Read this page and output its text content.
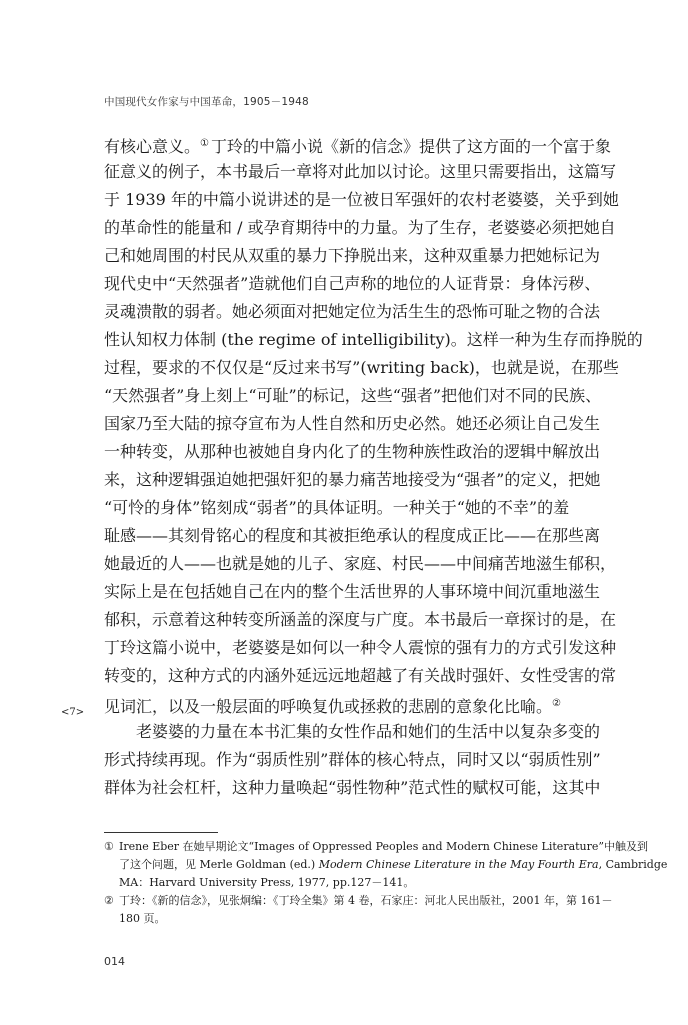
中国现代女作家与中国革命，1905－1948
有核心意义。① 丁玲的中篇小说《新的信念》提供了这方面的一个富于象
征意义的例子，本书最后一章将对此加以讨论。这里只需要指出，这篇写
于 1939 年的中篇小说讲述的是一位被日军强奸的农村老婆婆，关乎到她
的革命性的能量和 / 或孕育期待中的力量。为了生存，老婆婆必须把她自
己和她周围的村民从双重的暴力下挣脱出来，这种双重暴力把她标记为
现代史中“天然强者”造就他们自己声称的地位的人证背景：身体污秽、
灵魂溃散的弱者。她必须面对把她定位为活生生的恐怖可耻之物的合法
性认知权力体制 (the regime of intelligibility)。这样一种为生存而挣脱的
过程，要求的不仅仅是“反过来书写”(writing back)，也就是说，在那些
“天然强者”身上刻上“可耻”的标记，这些“强者”把他们对不同的民族、
国家乃至大陆的掠夺宣布为人性自然和历史必然。她还必须让自己发生
一种转变，从那种也被她自身内化了的生物种族性政治的逻辑中解放出
来，这种逻辑强迫她把强奸犯的暴力痛苦地接受为“强者”的定义，把她
“可怜的身体”铭刻成“弱者”的具体证明。一种关于“她的不幸”的羞
耻感——其刻骨铭心的程度和其被拒绝承认的程度成正比——在那些离
她最近的人——也就是她的儿子、家庭、村民——中间痛苦地滋生郁积，
实际上是在包括她自己在内的整个生活世界的人事环境中间沉重地滋生
郁积，示意着这种转变所涵盖的深度与广度。本书最后一章探讨的是，在
丁玲这篇小说中，老婆婆是如何以一种令人震惊的强有力的方式引发这种
转变的，这种方式的内涵外延远远地超越了有关战时强奸、女性受害的常
见词汇，以及一般层面的呼唤复仇或拯救的悲剧的意象化比喻。②
老婆婆的力量在本书汇集的女性作品和她们的生活中以复杂多变的
形式持续再现。作为“弱质性别”群体的核心特点，同时又以“弱质性别”
群体为社会杠杆，这种力量唤起“弱性物种”范式性的赋权可能，这其中
<7>
① Irene Eber 在她早期论文“Images of Oppressed Peoples and Modern Chinese Literature”中触及到
了这个问题，见 Merle Goldman (ed.) Modern Chinese Literature in the May Fourth Era, Cambridge
MA：Harvard University Press, 1977, pp.127－141。
② 丁玲：《新的信念》，见张炯编：《丁玲全集》第 4 卷，石家庄：河北人民出版社，2001 年，第 161－
180 页。
014
